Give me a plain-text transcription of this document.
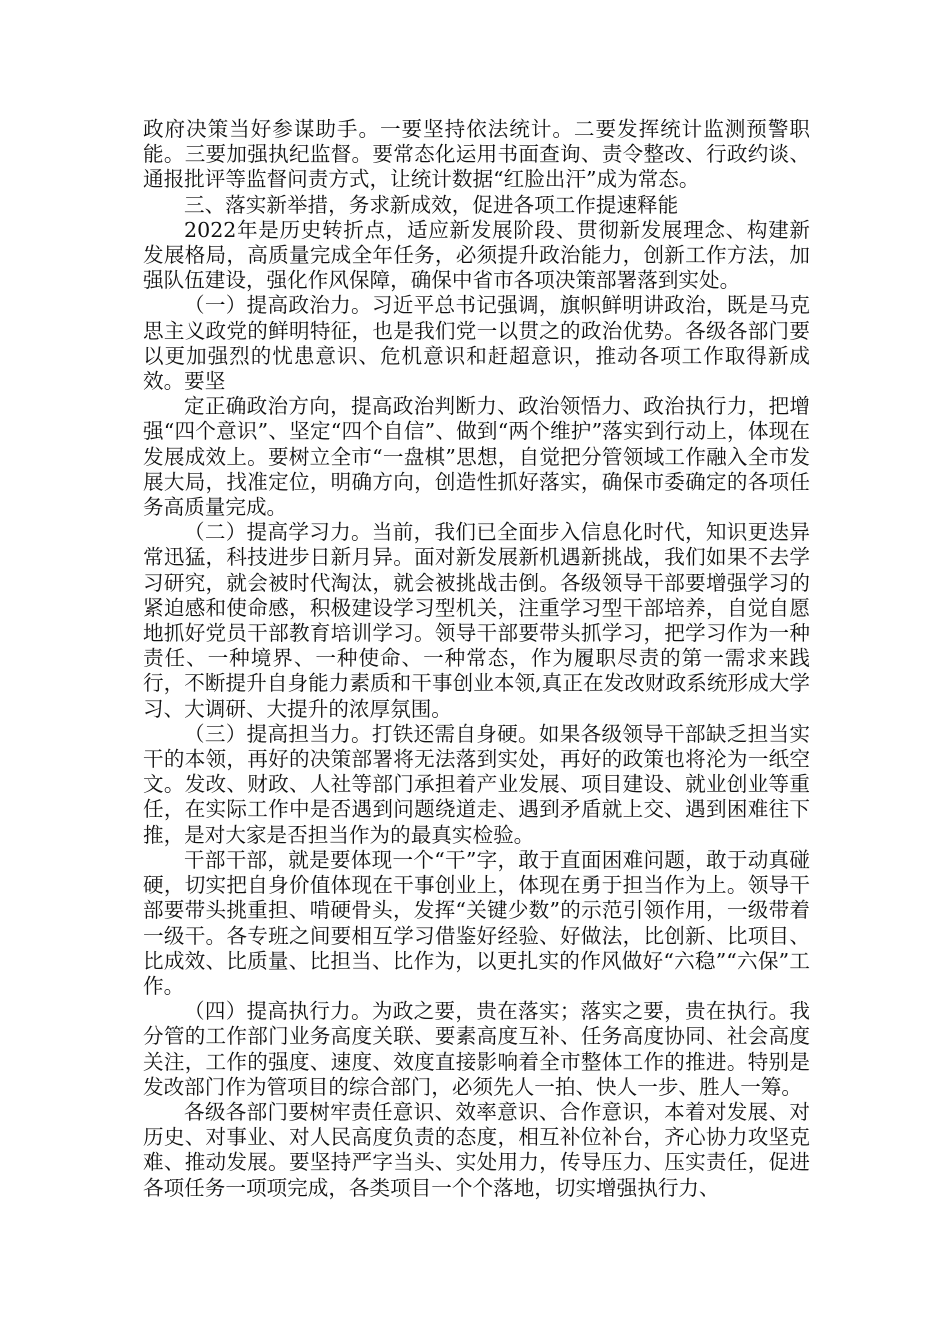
政府决策当好参谋助手。一要坚持依法统计。二要发挥统计监测预警职能。三要加强执纪监督。要常态化运用书面查询、责令整改、行政约谈、通报批评等监督问责方式，让统计数据“红脸出汗”成为常态。

三、落实新举措，务求新成效，促进各项工作提速释能

2022年是历史转折点，适应新发展阶段、贯彻新发展理念、构建新发展格局，高质量完成全年任务，必须提升政治能力，创新工作方法，加强队伍建设，强化作风保障，确保中省市各项决策部署落到实处。

（一）提高政治力。习近平总书记强调，旗帜鲜明讲政治，既是马克思主义政党的鲜明特征，也是我们党一以贯之的政治优势。各级各部门要以更加强烈的忧患意识、危机意识和赶超意识，推动各项工作取得新成效。要坚

定正确政治方向，提高政治判断力、政治领悟力、政治执行力，把增强“四个意识”、坚定“四个自信”、做到“两个维护”落实到行动上，体现在发展成效上。要树立全市“一盘棋”思想，自觉把分管领域工作融入全市发展大局，找准定位，明确方向，创造性抓好落实，确保市委确定的各项任务高质量完成。

（二）提高学习力。当前，我们已全面步入信息化时代，知识更迭异常迅猛，科技进步日新月异。面对新发展新机遇新挑战，我们如果不去学习研究，就会被时代淘汰，就会被挑战击倒。各级领导干部要增强学习的紧迫感和使命感，积极建设学习型机关，注重学习型干部培养，自觉自愿地抓好党员干部教育培训学习。领导干部要带头抓学习，把学习作为一种责任、一种境界、一种使命、一种常态，作为履职尽责的第一需求来践行，不断提升自身能力素质和干事创业本领,真正在发改财政系统形成大学习、大调研、大提升的浓厚氛围。

（三）提高担当力。打铁还需自身硬。如果各级领导干部缺乏担当实干的本领，再好的决策部署将无法落到实处，再好的政策也将沦为一纸空文。发改、财政、人社等部门承担着产业发展、项目建设、就业创业等重任，在实际工作中是否遇到问题绕道走、遇到矛盾就上交、遇到困难往下推，是对大家是否担当作为的最真实检验。

干部干部，就是要体现一个“干”字，敢于直面困难问题，敢于动真碰硬，切实把自身价值体现在干事创业上，体现在勇于担当作为上。领导干部要带头挑重担、啃硬骨头，发挥“关键少数”的示范引领作用，一级带着一级干。各专班之间要相互学习借鉴好经验、好做法，比创新、比项目、比成效、比质量、比担当、比作为，以更扎实的作风做好“六稳”“六保”工作。

（四）提高执行力。为政之要，贵在落实；落实之要，贵在执行。我分管的工作部门业务高度关联、要素高度互补、任务高度协同、社会高度关注，工作的强度、速度、效度直接影响着全市整体工作的推进。特别是发改部门作为管项目的综合部门，必须先人一拍、快人一步、胜人一筹。

各级各部门要树牢责任意识、效率意识、合作意识，本着对发展、对历史、对事业、对人民高度负责的态度，相互补位补台，齐心协力攻坚克难、推动发展。要坚持严字当头、实处用力，传导压力、压实责任，促进各项任务一项项完成，各类项目一个个落地，切实增强执行力、
